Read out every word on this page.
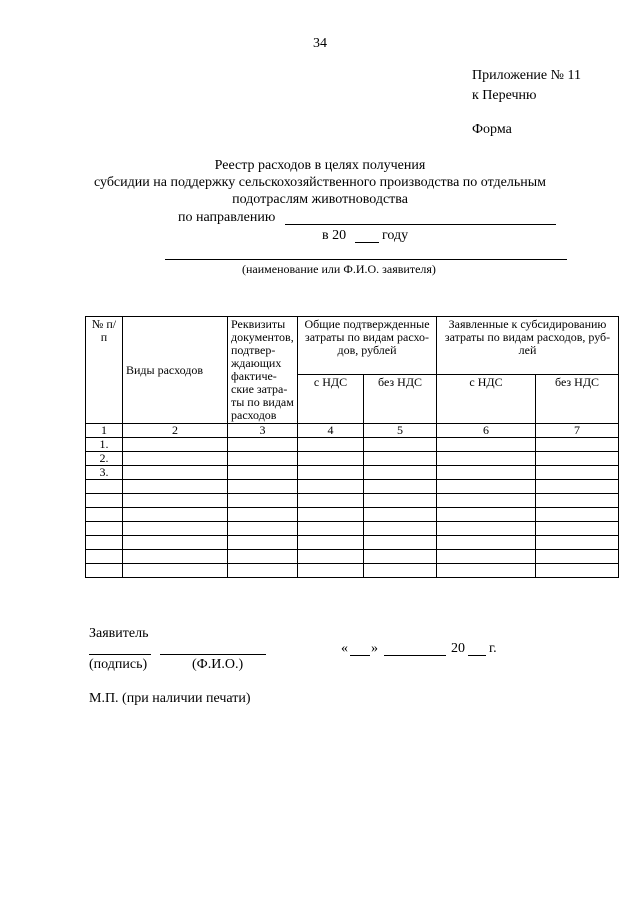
34
Приложение № 11
к Перечню
Форма
Реестр расходов в целях получения
субсидии на поддержку сельскохозяйственного производства по отдельным
подотраслям животноводства
по направлению
в 20	году
(наименование или Ф.И.О. заявителя)
№ п/п	Виды расходов	Реквизиты документов, подтвер-ждающих фактиче-ские затра-ты по видам расходов	Общие подтвержденные затраты по видам расхо-дов, рублей		Заявленные к субсидированию затраты по видам расходов, руб-лей	
			с НДС	без НДС	с НДС	без НДС
1	2	3	4	5	6	7
1.						
2.						
3.						

Заявитель
(подпись)	(Ф.И.О.)
« »	20 г.
М.П. (при наличии печати)
